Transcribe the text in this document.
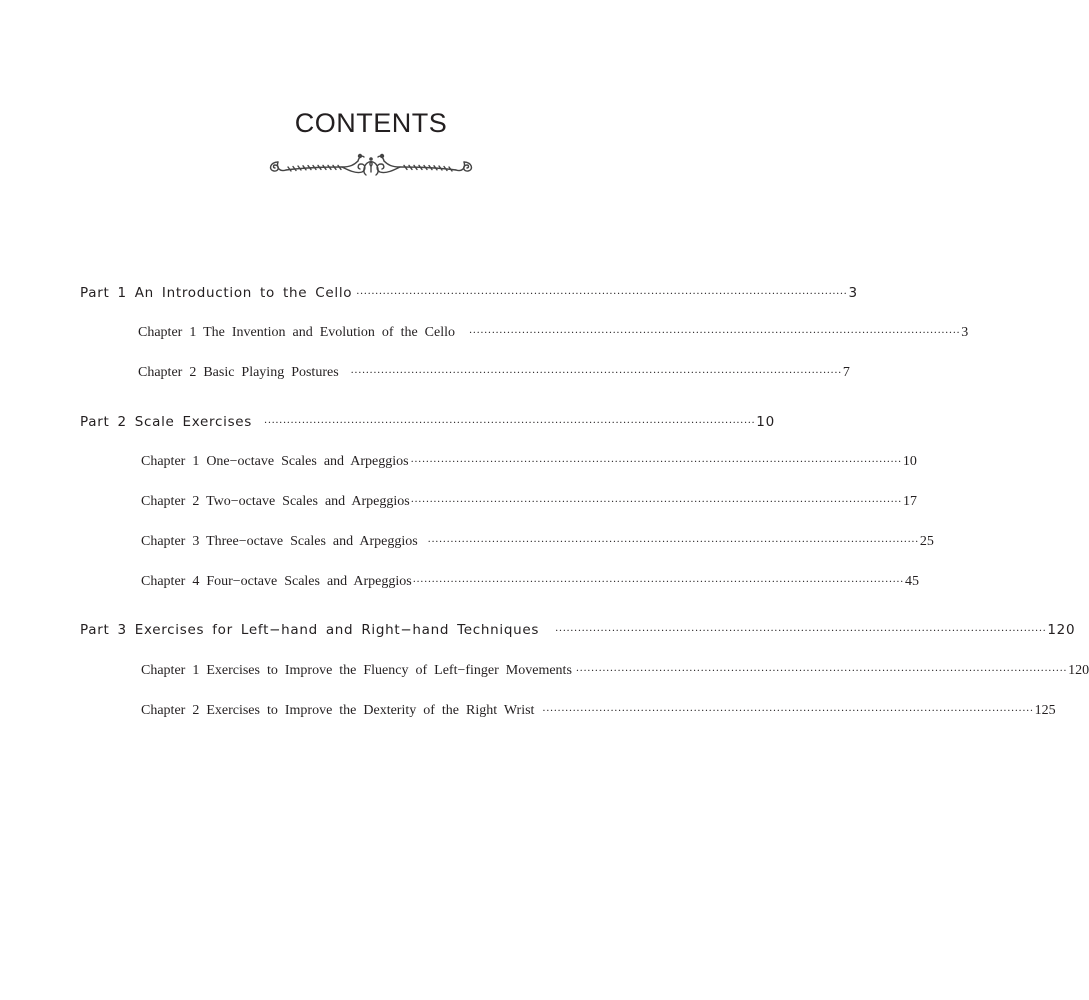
CONTENTS
Part 1 An Introduction to the Cello ·································································································································· 3
Chapter 1 The Invention and Evolution of the Cello ·································································································································· 3
Chapter 2 Basic Playing Postures ·································································································································· 7
Part 2 Scale Exercises ·································································································································· 10
Chapter 1 One−octave Scales and Arpeggios ·································································································································· 10
Chapter 2 Two−octave Scales and Arpeggios ·································································································································· 17
Chapter 3 Three−octave Scales and Arpeggios ·································································································································· 25
Chapter 4 Four−octave Scales and Arpeggios ·································································································································· 45
Part 3 Exercises for Left−hand and Right−hand Techniques ·································································································································· 120
Chapter 1 Exercises to Improve the Fluency of Left−finger Movements ·································································································································· 120
Chapter 2 Exercises to Improve the Dexterity of the Right Wrist ·································································································································· 125
